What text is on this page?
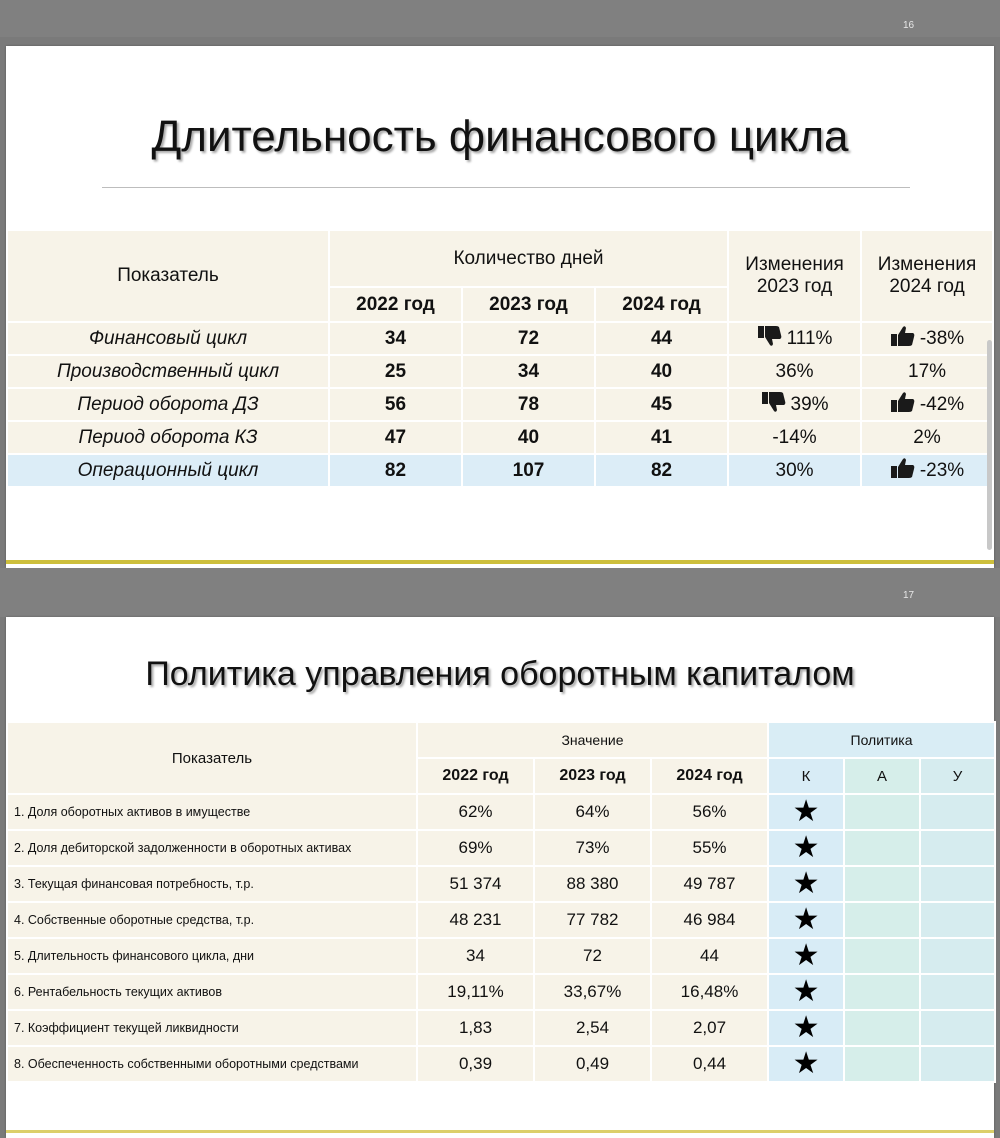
16
Длительность финансового цикла
Показатель	Количество дней			Изменения 2023 год	Изменения 2024 год
	2022 год	2023 год	2024 год		
Финансовый цикл	34	72	44	111%	-38%

Производственный цикл	25	34	40	36%	17%

Период оборота ДЗ	56	78	45	39%	-42%

Период оборота КЗ	47	40	41	-14%	2%

Операционный цикл	82	107	82	30%	-23%
17
Политика управления оборотным капиталом
Показатель	Значение			Политика		
	2022 год	2023 год	2024 год	К	А	У
1. Доля оборотных активов в имуществе	62%	64%	56%	★		
2. Доля дебиторской задолженности в оборотных активах	69%	73%	55%	★		
3. Текущая финансовая потребность, т.р.	51 374	88 380	49 787	★		
4. Собственные оборотные средства, т.р.	48 231	77 782	46 984	★		
5. Длительность финансового цикла, дни	34	72	44	★		
6. Рентабельность текущих активов	19,11%	33,67%	16,48%	★		
7. Коэффициент текущей ликвидности	1,83	2,54	2,07	★		
8. Обеспеченность собственными оборотными средствами	0,39	0,49	0,44	★		
